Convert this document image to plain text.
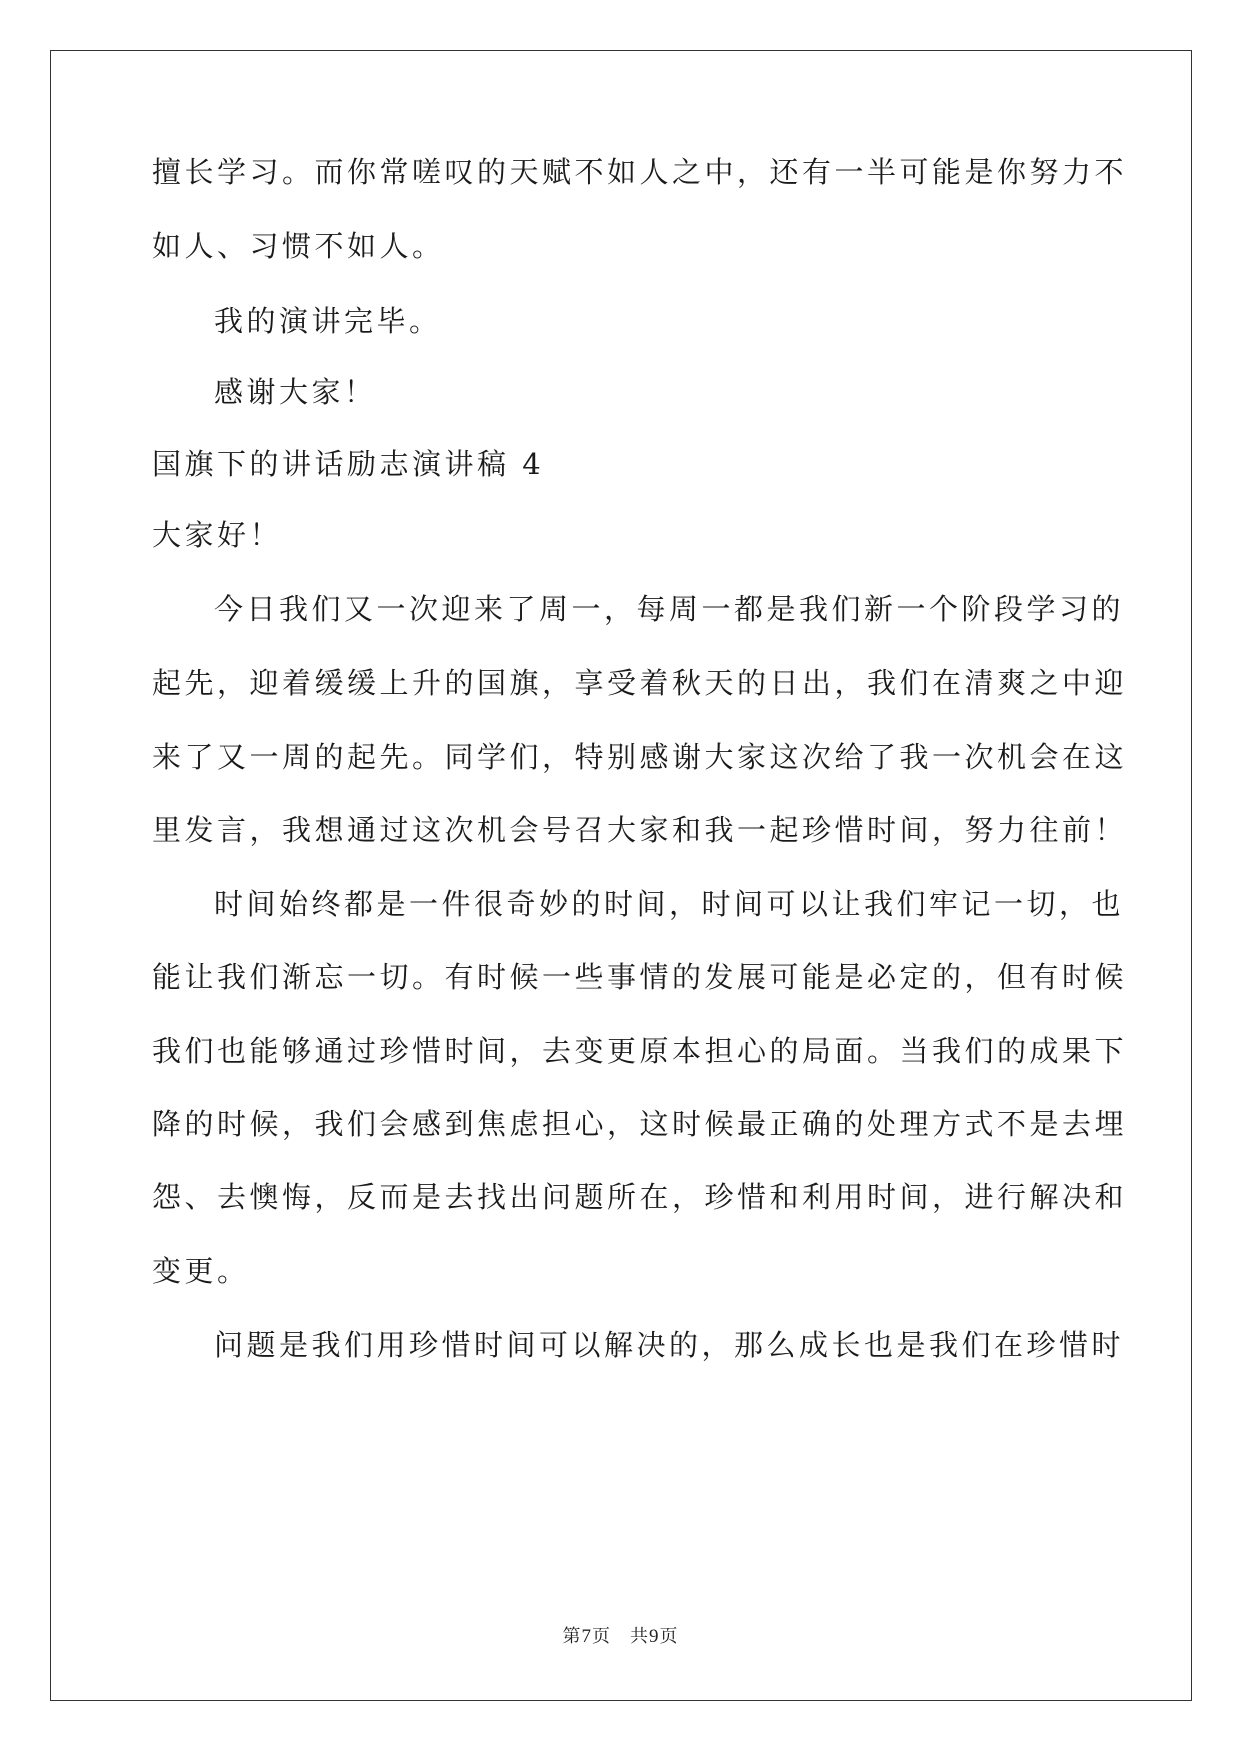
擅长学习。而你常嗟叹的天赋不如人之中，还有一半可能是你努力不
如人、习惯不如人。
我的演讲完毕。
感谢大家！
国旗下的讲话励志演讲稿 4
大家好！
今日我们又一次迎来了周一，每周一都是我们新一个阶段学习的
起先，迎着缓缓上升的国旗，享受着秋天的日出，我们在清爽之中迎
来了又一周的起先。同学们，特别感谢大家这次给了我一次机会在这
里发言，我想通过这次机会号召大家和我一起珍惜时间，努力往前！
时间始终都是一件很奇妙的时间，时间可以让我们牢记一切，也
能让我们渐忘一切。有时候一些事情的发展可能是必定的，但有时候
我们也能够通过珍惜时间，去变更原本担心的局面。当我们的成果下
降的时候，我们会感到焦虑担心，这时候最正确的处理方式不是去埋
怨、去懊悔，反而是去找出问题所在，珍惜和利用时间，进行解决和
变更。
问题是我们用珍惜时间可以解决的，那么成长也是我们在珍惜时
第7页　共9页
